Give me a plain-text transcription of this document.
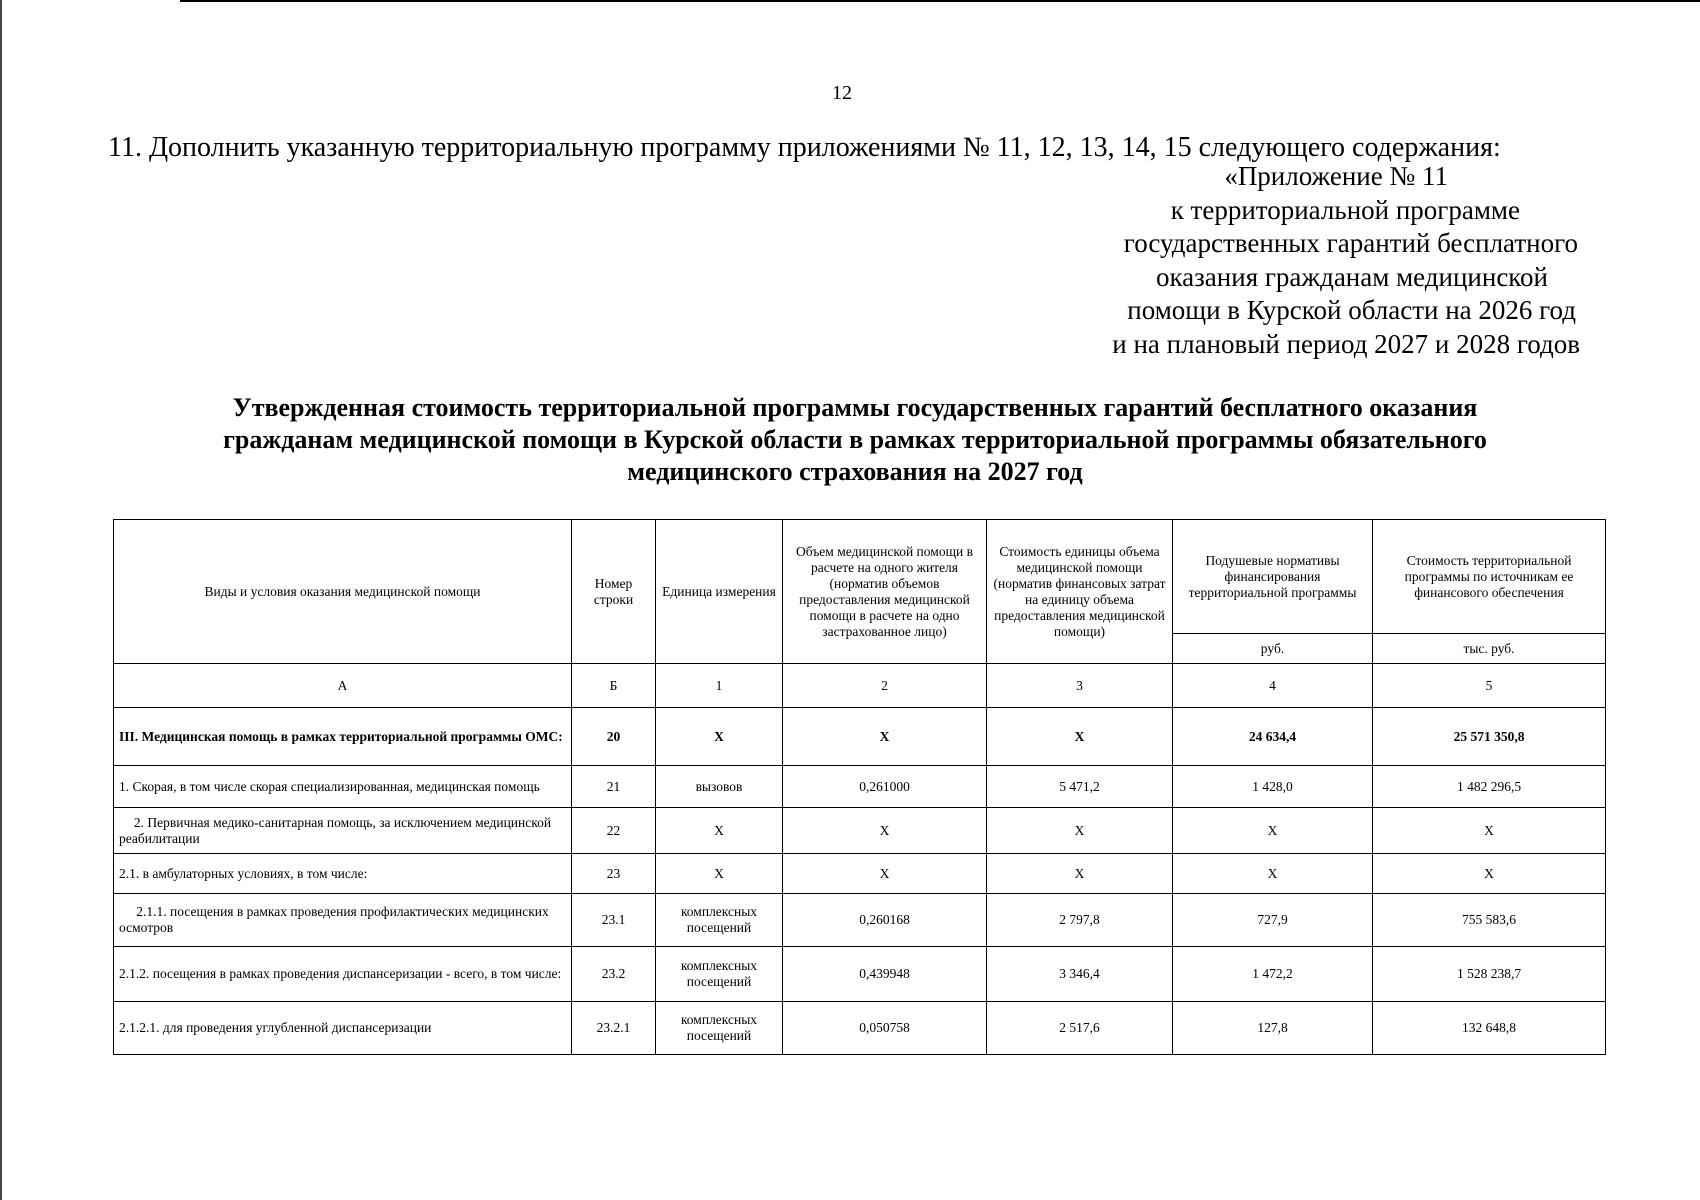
12
11. Дополнить указанную территориальную программу приложениями № 11, 12, 13, 14, 15 следующего содержания:
«Приложение № 11
к территориальной программе
государственных гарантий бесплатного
оказания гражданам медицинской
помощи в Курской области на 2026 год
и на плановый период 2027 и 2028 годов
Утвержденная стоимость территориальной программы государственных гарантий бесплатного оказания
гражданам медицинской помощи в Курской области в рамках территориальной программы обязательного
медицинского страхования на 2027 год
Виды и условия оказания медицинской помощи	Номер строки	Единица измерения	Объем медицинской помощи в расчете на одного жителя (норматив объемов предоставления медицинской помощи в расчете на одно застрахованное лицо)	Стоимость единицы объема медицинской помощи (норматив финансовых затрат на единицу объема предоставления медицинской помощи)	Подушевые нормативы финансирования территориальной программы	Стоимость территориальной программы по источникам ее финансового обеспечения
					руб.	тыс. руб.
А	Б	1	2	3	4	5
III. Медицинская помощь в рамках территориальной программы ОМС:	20	X	X	X	24 634,4	25 571 350,8
1. Скорая, в том числе скорая специализированная, медицинская помощь	21	вызовов	0,261000	5 471,2	1 428,0	1 482 296,5
2. Первичная медико-санитарная помощь, за исключением медицинской реабилитации	22	X	X	X	X	X
2.1. в амбулаторных условиях, в том числе:	23	X	X	X	X	X
2.1.1. посещения в рамках проведения профилактических медицинских осмотров	23.1	комплексных посещений	0,260168	2 797,8	727,9	755 583,6
2.1.2. посещения в рамках проведения диспансеризации - всего, в том числе:	23.2	комплексных посещений	0,439948	3 346,4	1 472,2	1 528 238,7
2.1.2.1. для проведения углубленной диспансеризации	23.2.1	комплексных посещений	0,050758	2 517,6	127,8	132 648,8
